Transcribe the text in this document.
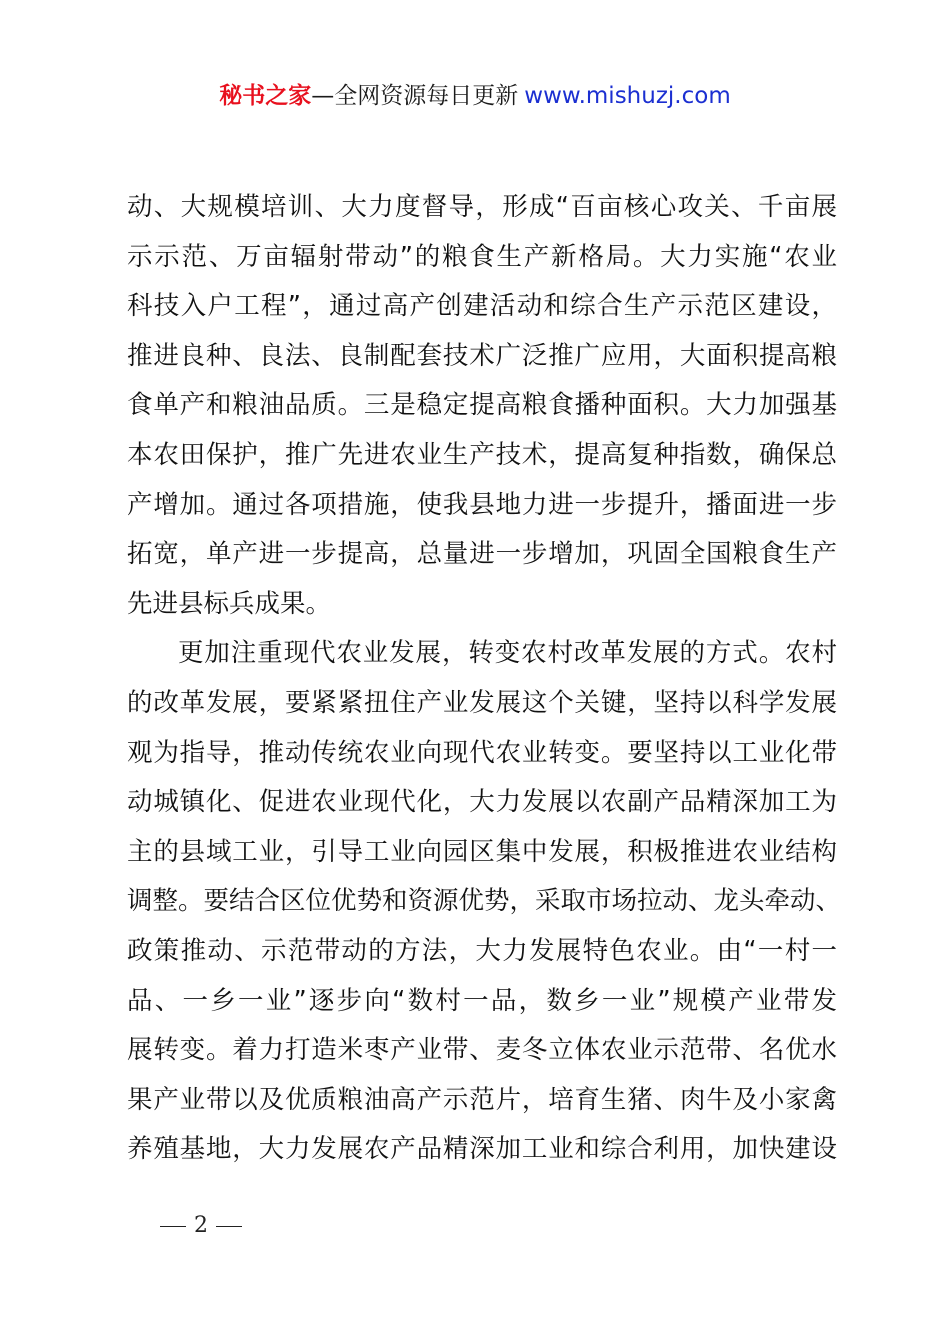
秘书之家—全网资源每日更新 www.mishuzj.com

动、大规模培训、大力度督导，形成“百亩核心攻关、千亩展
示示范、万亩辐射带动”的粮食生产新格局。大力实施“农业
科技入户工程”，通过高产创建活动和综合生产示范区建设，
推进良种、良法、良制配套技术广泛推广应用，大面积提高粮
食单产和粮油品质。三是稳定提高粮食播种面积。大力加强基
本农田保护，推广先进农业生产技术，提高复种指数，确保总
产增加。通过各项措施，使我县地力进一步提升，播面进一步
拓宽，单产进一步提高，总量进一步增加，巩固全国粮食生产
先进县标兵成果。

更加注重现代农业发展，转变农村改革发展的方式。农村
的改革发展，要紧紧扭住产业发展这个关键，坚持以科学发展
观为指导，推动传统农业向现代农业转变。要坚持以工业化带
动城镇化、促进农业现代化，大力发展以农副产品精深加工为
主的县域工业，引导工业向园区集中发展，积极推进农业结构
调整。要结合区位优势和资源优势，采取市场拉动、龙头牵动、
政策推动、示范带动的方法，大力发展特色农业。由“一村一
品、一乡一业”逐步向“数村一品，数乡一业”规模产业带发
展转变。着力打造米枣产业带、麦冬立体农业示范带、名优水
果产业带以及优质粮油高产示范片，培育生猪、肉牛及小家禽
养殖基地，大力发展农产品精深加工业和综合利用，加快建设

2
